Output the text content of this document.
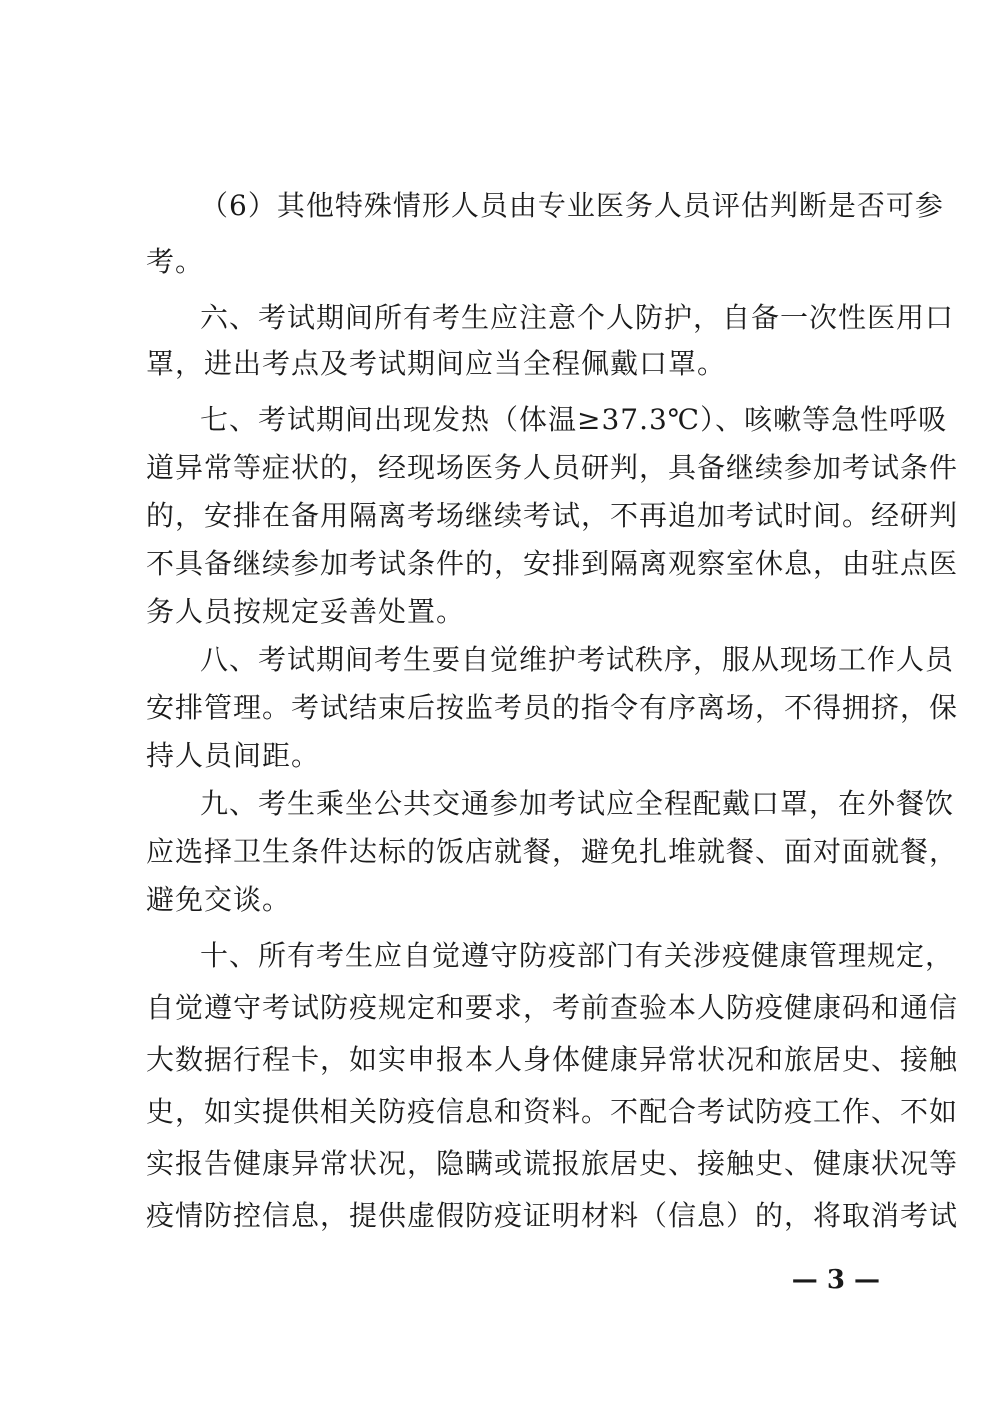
（6）其他特殊情形人员由专业医务人员评估判断是否可参
考。
六、考试期间所有考生应注意个人防护，自备一次性医用口
罩，进出考点及考试期间应当全程佩戴口罩。
七、考试期间出现发热（体温≥37.3℃）、咳嗽等急性呼吸
道异常等症状的，经现场医务人员研判，具备继续参加考试条件
的，安排在备用隔离考场继续考试，不再追加考试时间。经研判
不具备继续参加考试条件的，安排到隔离观察室休息，由驻点医
务人员按规定妥善处置。
八、考试期间考生要自觉维护考试秩序，服从现场工作人员
安排管理。考试结束后按监考员的指令有序离场，不得拥挤，保
持人员间距。
九、考生乘坐公共交通参加考试应全程配戴口罩，在外餐饮
应选择卫生条件达标的饭店就餐，避免扎堆就餐、面对面就餐，
避免交谈。
十、所有考生应自觉遵守防疫部门有关涉疫健康管理规定，
自觉遵守考试防疫规定和要求，考前查验本人防疫健康码和通信
大数据行程卡，如实申报本人身体健康异常状况和旅居史、接触
史，如实提供相关防疫信息和资料。不配合考试防疫工作、不如
实报告健康异常状况，隐瞒或谎报旅居史、接触史、健康状况等
疫情防控信息，提供虚假防疫证明材料（信息）的，将取消考试
— 3 —
